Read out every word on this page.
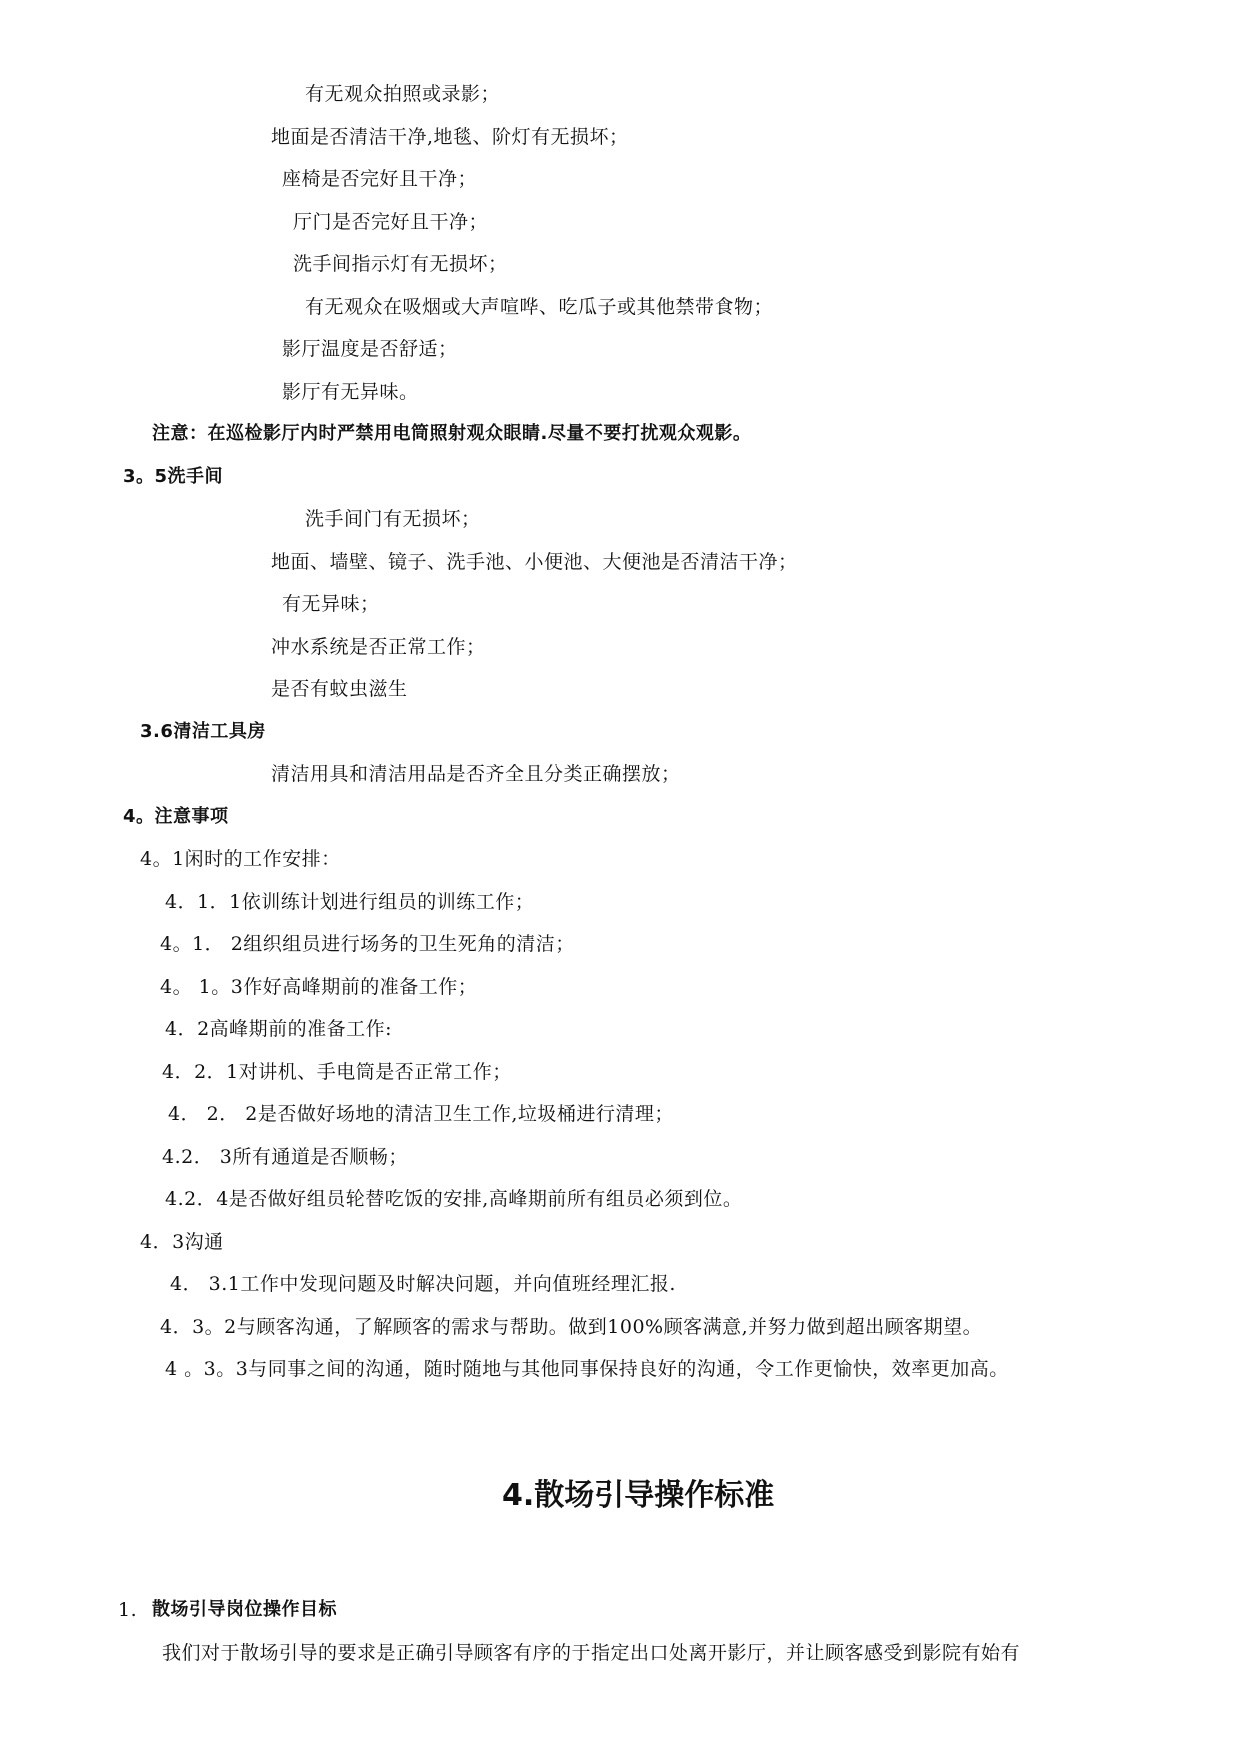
有无观众拍照或录影；
地面是否清洁干净,地毯、阶灯有无损坏；
座椅是否完好且干净；
厅门是否完好且干净；
洗手间指示灯有无损坏；
有无观众在吸烟或大声喧哗、吃瓜子或其他禁带食物；
影厅温度是否舒适；
影厅有无异味。
注意：在巡检影厅内时严禁用电筒照射观众眼睛.尽量不要打扰观众观影。
3。5洗手间
洗手间门有无损坏；
地面、墙壁、镜子、洗手池、小便池、大便池是否清洁干净；
有无异味；
冲水系统是否正常工作；
是否有蚊虫滋生
3.6清洁工具房
清洁用具和清洁用品是否齐全且分类正确摆放；
4。注意事项
4。1闲时的工作安排：
4．1．1依训练计划进行组员的训练工作；
4。1． 2组织组员进行场务的卫生死角的清洁；
4。 1。3作好高峰期前的准备工作；
4．2高峰期前的准备工作:
4．2．1对讲机、手电筒是否正常工作；
4． 2． 2是否做好场地的清洁卫生工作,垃圾桶进行清理；
4.2． 3所有通道是否顺畅；
4.2．4是否做好组员轮替吃饭的安排,高峰期前所有组员必须到位。
4．3沟通
4． 3.1工作中发现问题及时解决问题，并向值班经理汇报.
4．3。2与顾客沟通，了解顾客的需求与帮助。做到100%顾客满意,并努力做到超出顾客期望。
4 。3。3与同事之间的沟通，随时随地与其他同事保持良好的沟通，令工作更愉快，效率更加高。
4.散场引导操作标准
1. 散场引导岗位操作目标
我们对于散场引导的要求是正确引导顾客有序的于指定出口处离开影厅，并让顾客感受到影院有始有
